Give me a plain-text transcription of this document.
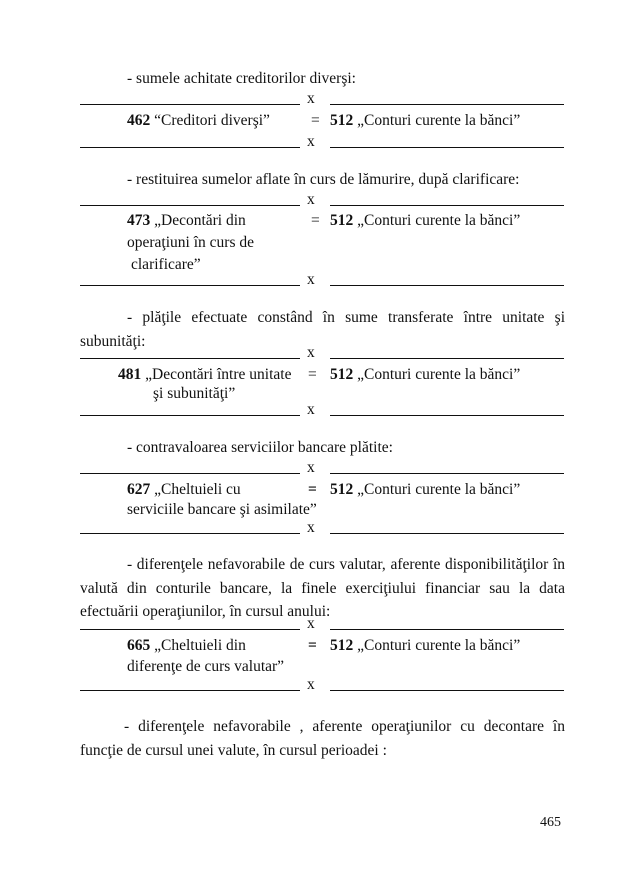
- sumele achitate creditorilor diverşi:
x
462 “Creditori diverşi”	= 512 „Conturi curente la bănci”
x
- restituirea sumelor aflate în curs de lămurire, după clarificare:
x
473 „Decontări din	= 512 „Conturi curente la bănci”
operaţiuni în curs de
clarificare”
x
- plăţile efectuate constând în sume transferate între unitate şi subunităţi:
x
481 „Decontări între unitate = 512 „Conturi curente la bănci”
şi subunităţi”
x
- contravaloarea serviciilor bancare plătite:
x
627 „Cheltuieli cu	= 512 „Conturi curente la bănci”
serviciile bancare şi asimilate”
x
- diferenţele nefavorabile de curs valutar, aferente disponibilităţilor în valută din conturile bancare, la finele exerciţiului financiar sau la data efectuării operaţiunilor, în cursul anului:
x
665 „Cheltuieli din	= 512 „Conturi curente la bănci”
diferenţe de curs valutar”
x
- diferenţele nefavorabile , aferente operaţiunilor cu decontare în funcţie de cursul unei valute, în cursul perioadei :
465
